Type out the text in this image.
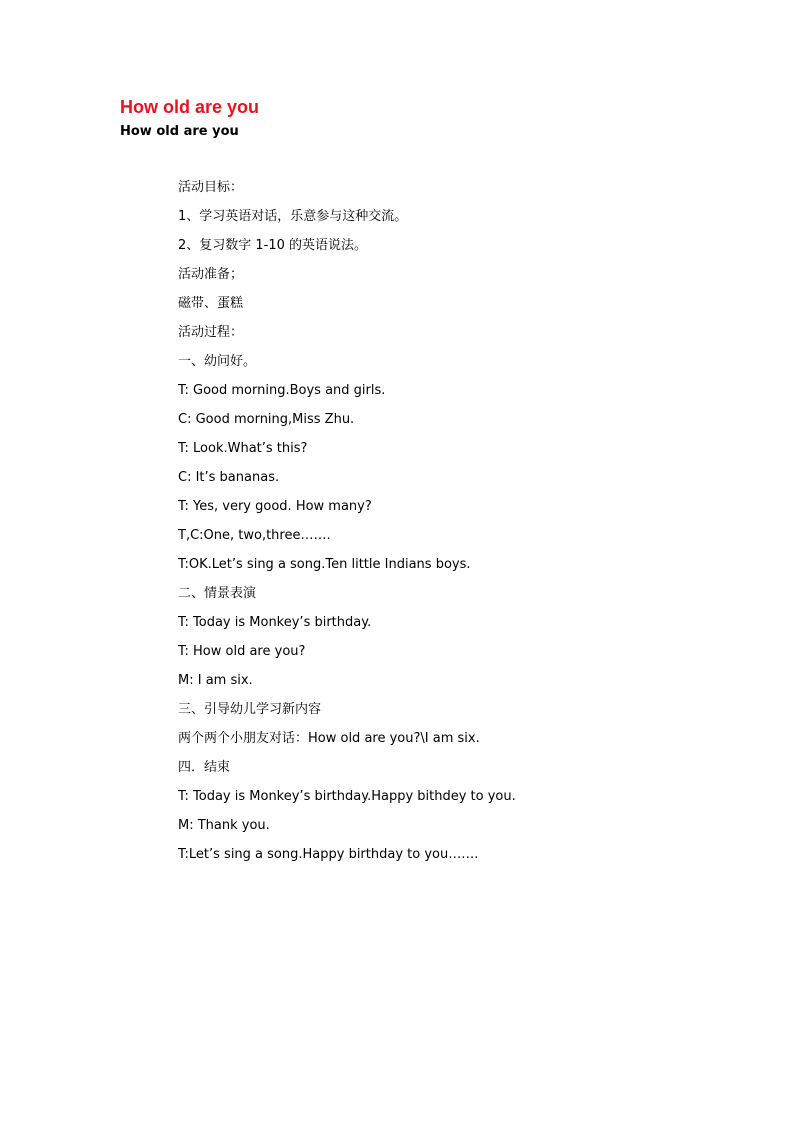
How old are you
How old are you
活动目标：
1、学习英语对话，乐意参与这种交流。
2、复习数字 1-10 的英语说法。
活动准备；
磁带、蛋糕
活动过程：
一、幼问好。
T: Good morning.Boys and girls.
C: Good morning,Miss Zhu.
T: Look.What’s this?
C: It’s bananas.
T: Yes, very good. How many?
T,C:One, two,three…….
T:OK.Let’s sing a song.Ten little Indians boys.
二、情景表演
T: Today is Monkey’s birthday.
T: How old are you?
M: I am six.
三、引导幼儿学习新内容
两个两个小朋友对话：How old are you?\I am six.
四．结束
T: Today is Monkey’s birthday.Happy bithdey to you.
M: Thank you.
T:Let’s sing a song.Happy birthday to you…….
